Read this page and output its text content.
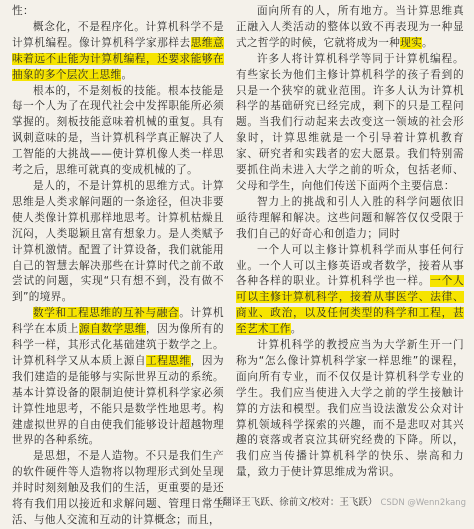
性：

概念化，不是程序化。计算机科学不是计算机编程。像计算机科学家那样去思维意味着远不止能为计算机编程，还要求能够在抽象的多个层次上思维。

根本的，不是刻板的技能。根本技能是每一个人为了在现代社会中发挥职能所必须掌握的。刻板技能意味着机械的重复。具有讽刺意味的是，当计算机科学真正解决了人工智能的大挑战——使计算机像人类一样思考之后，思维可就真的变成机械的了。

是人的，不是计算机的思维方式。计算思维是人类求解问题的一条途径，但决非要使人类像计算机那样地思考。计算机枯燥且沉闷，人类聪颖且富有想象力。是人类赋予计算机激情。配置了计算设备，我们就能用自己的智慧去解决那些在计算时代之前不敢尝试的问题，实现“只有想不到，没有做不到”的境界。

数学和工程思维的互补与融合。计算机科学在本质上源自数学思维，因为像所有的科学一样，其形式化基础建筑于数学之上。计算机科学又从本质上源自工程思维，因为我们建造的是能够与实际世界互动的系统。基本计算设备的限制迫使计算机科学家必须计算性地思考，不能只是数学性地思考。构建虚拟世界的自由使我们能够设计超越物理世界的各种系统。

是思想，不是人造物。不只是我们生产的软件硬件等人造物将以物理形式到处呈现并时时刻刻触及我们的生活，更重要的是还将有我们用以接近和求解问题、管理日常生活、与他人交流和互动的计算概念；而且，

面向所有的人，所有地方。当计算思维真正融入人类活动的整体以致不再表现为一种显式之哲学的时候，它就将成为一种现实。

许多人将计算机科学等同于计算机编程。有些家长为他们主修计算机科学的孩子看到的只是一个狭窄的就业范围。许多人认为计算机科学的基础研究已经完成，剩下的只是工程问题。当我们行动起来去改变这一领域的社会形象时，计算思维就是一个引导着计算机教育家、研究者和实践者的宏大愿景。我们特别需要抓住尚未进入大学之前的听众，包括老师、父母和学生，向他们传送下面两个主要信息：

智力上的挑战和引人入胜的科学问题依旧亟待理解和解决。这些问题和解答仅仅受限于我们自己的好奇心和创造力；同时

一个人可以主修计算机科学而从事任何行业。一个人可以主修英语或者数学，接着从事各种各样的职业。计算机科学也一样。一个人可以主修计算机科学，接着从事医学、法律、商业、政治，以及任何类型的科学和工程，甚至艺术工作。

计算机科学的教授应当为大学新生开一门称为“怎么像计算机科学家一样思维”的课程，面向所有专业，而不仅仅是计算机科学专业的学生。我们应当使进入大学之前的学生接触计算的方法和模型。我们应当设法激发公众对计算机领域科学探索的兴趣，而不是悲叹对其兴趣的衰落或者哀泣其研究经费的下降。所以，我们应当传播计算机科学的快乐、崇高和力量，致力于使计算思维成为常识。

（翻译王飞跃、徐前文/校对：王飞跃） CSDN @Wenn2kang
